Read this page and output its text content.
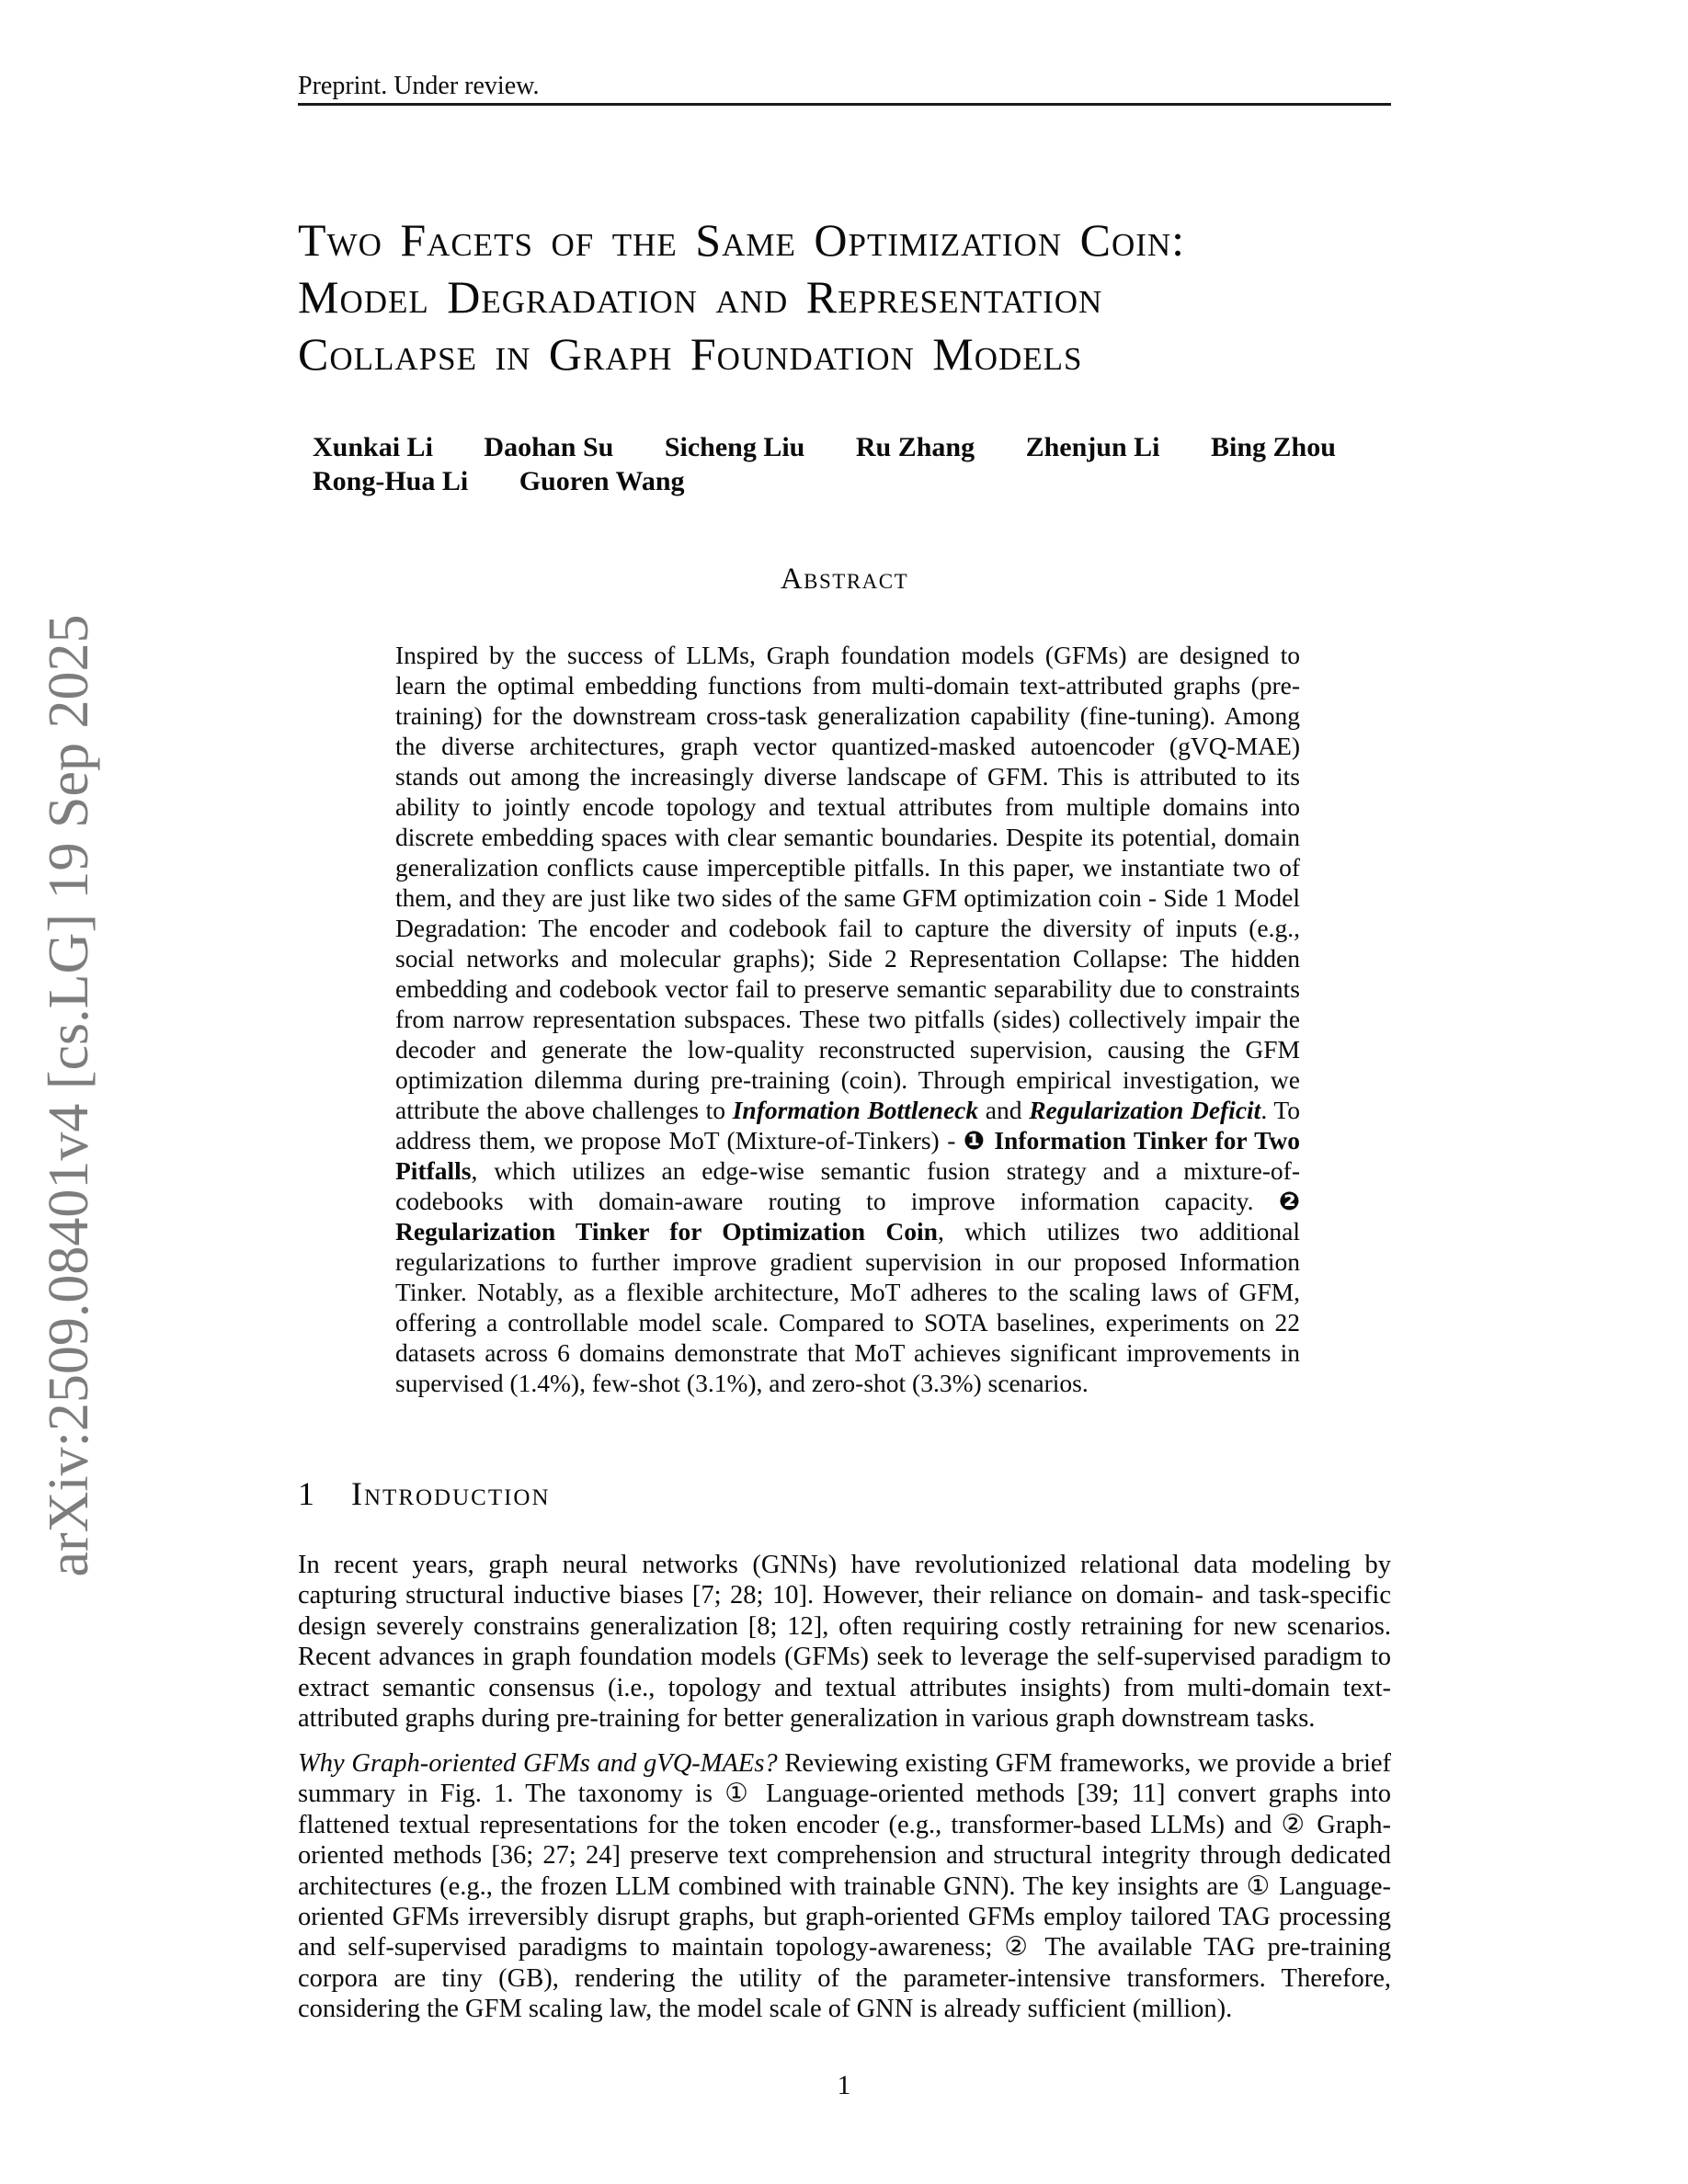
arXiv:2509.08401v4 [cs.LG] 19 Sep 2025
Preprint. Under review.
Two Facets of the Same Optimization Coin:
Model Degradation and Representation
Collapse in Graph Foundation Models
Xunkai Li Daohan Su Sicheng Liu Ru Zhang Zhenjun Li Bing Zhou
Rong-Hua Li Guoren Wang
Abstract
Inspired by the success of LLMs, Graph foundation models (GFMs) are designed to learn the optimal embedding functions from multi-domain text-attributed graphs (pre-training) for the downstream cross-task generalization capability (fine-tuning). Among the diverse architectures, graph vector quantized-masked autoencoder (gVQ-MAE) stands out among the increasingly diverse landscape of GFM. This is attributed to its ability to jointly encode topology and textual attributes from multiple domains into discrete embedding spaces with clear semantic boundaries. Despite its potential, domain generalization conflicts cause imperceptible pitfalls. In this paper, we instantiate two of them, and they are just like two sides of the same GFM optimization coin - Side 1 Model Degradation: The encoder and codebook fail to capture the diversity of inputs (e.g., social networks and molecular graphs); Side 2 Representation Collapse: The hidden embedding and codebook vector fail to preserve semantic separability due to constraints from narrow representation subspaces. These two pitfalls (sides) collectively impair the decoder and generate the low-quality reconstructed supervision, causing the GFM optimization dilemma during pre-training (coin). Through empirical investigation, we attribute the above challenges to Information Bottleneck and Regularization Deficit. To address them, we propose MoT (Mixture-of-Tinkers) - ❶ Information Tinker for Two Pitfalls, which utilizes an edge-wise semantic fusion strategy and a mixture-of-codebooks with domain-aware routing to improve information capacity. ❷ Regularization Tinker for Optimization Coin, which utilizes two additional regularizations to further improve gradient supervision in our proposed Information Tinker. Notably, as a flexible architecture, MoT adheres to the scaling laws of GFM, offering a controllable model scale. Compared to SOTA baselines, experiments on 22 datasets across 6 domains demonstrate that MoT achieves significant improvements in supervised (1.4%), few-shot (3.1%), and zero-shot (3.3%) scenarios.
1 Introduction
In recent years, graph neural networks (GNNs) have revolutionized relational data modeling by capturing structural inductive biases [7; 28; 10]. However, their reliance on domain- and task-specific design severely constrains generalization [8; 12], often requiring costly retraining for new scenarios. Recent advances in graph foundation models (GFMs) seek to leverage the self-supervised paradigm to extract semantic consensus (i.e., topology and textual attributes insights) from multi-domain text-attributed graphs during pre-training for better generalization in various graph downstream tasks.
Why Graph-oriented GFMs and gVQ-MAEs? Reviewing existing GFM frameworks, we provide a brief summary in Fig. 1. The taxonomy is ① Language-oriented methods [39; 11] convert graphs into flattened textual representations for the token encoder (e.g., transformer-based LLMs) and ② Graph-oriented methods [36; 27; 24] preserve text comprehension and structural integrity through dedicated architectures (e.g., the frozen LLM combined with trainable GNN). The key insights are ① Language-oriented GFMs irreversibly disrupt graphs, but graph-oriented GFMs employ tailored TAG processing and self-supervised paradigms to maintain topology-awareness; ② The available TAG pre-training corpora are tiny (GB), rendering the utility of the parameter-intensive transformers. Therefore, considering the GFM scaling law, the model scale of GNN is already sufficient (million).
1
